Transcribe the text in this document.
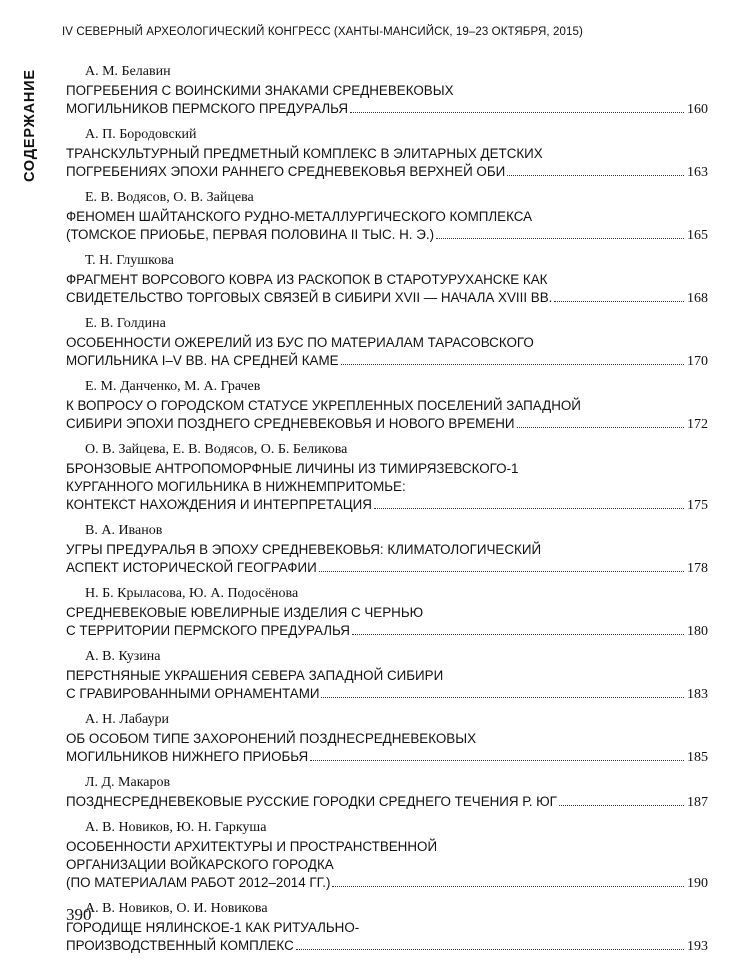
IV СЕВЕРНЫЙ АРХЕОЛОГИЧЕСКИЙ КОНГРЕСС (ХАНТЫ-МАНСИЙСК, 19–23 ОКТЯБРЯ, 2015)
СОДЕРЖАНИЕ	А. М. Белавин
ПОГРЕБЕНИЯ С ВОИНСКИМИ ЗНАКАМИ СРЕДНЕВЕКОВЫХ
МОГИЛЬНИКОВ ПЕРМСКОГО ПРЕДУРАЛЬЯ	160
А. П. Бородовский
ТРАНСКУЛЬТУРНЫЙ ПРЕДМЕТНЫЙ КОМПЛЕКС В ЭЛИТАРНЫХ ДЕТСКИХ
ПОГРЕБЕНИЯХ ЭПОХИ РАННЕГО СРЕДНЕВЕКОВЬЯ ВЕРХНЕЙ ОБИ	163
Е. В. Водясов, О. В. Зайцева
ФЕНОМЕН ШАЙТАНСКОГО РУДНО-МЕТАЛЛУРГИЧЕСКОГО КОМПЛЕКСА
(ТОМСКОЕ ПРИОБЬЕ, ПЕРВАЯ ПОЛОВИНА II ТЫС. Н. Э.)	165
Т. Н. Глушкова
ФРАГМЕНТ ВОРСОВОГО КОВРА ИЗ РАСКОПОК В СТАРОТУРУХАНСКЕ КАК
СВИДЕТЕЛЬСТВО ТОРГОВЫХ СВЯЗЕЙ В СИБИРИ XVII — НАЧАЛА XVIII ВВ.	168
Е. В. Голдина
ОСОБЕННОСТИ ОЖЕРЕЛИЙ ИЗ БУС ПО МАТЕРИАЛАМ ТАРАСОВСКОГО
МОГИЛЬНИКА I–V ВВ. НА СРЕДНЕЙ КАМЕ	170
Е. М. Данченко, М. А. Грачев
К ВОПРОСУ О ГОРОДСКОМ СТАТУСЕ УКРЕПЛЕННЫХ ПОСЕЛЕНИЙ ЗАПАДНОЙ
СИБИРИ ЭПОХИ ПОЗДНЕГО СРЕДНЕВЕКОВЬЯ И НОВОГО ВРЕМЕНИ	172
О. В. Зайцева, Е. В. Водясов, О. Б. Беликова
БРОНЗОВЫЕ АНТРОПОМОРФНЫЕ ЛИЧИНЫ ИЗ ТИМИРЯЗЕВСКОГО-1
КУРГАННОГО МОГИЛЬНИКА В НИЖНЕМПРИТОМЬЕ:
КОНТЕКСТ НАХОЖДЕНИЯ И ИНТЕРПРЕТАЦИЯ	175
В. А. Иванов
УГРЫ ПРЕДУРАЛЬЯ В ЭПОХУ СРЕДНЕВЕКОВЬЯ: КЛИМАТОЛОГИЧЕСКИЙ
АСПЕКТ ИСТОРИЧЕСКОЙ ГЕОГРАФИИ	178
Н. Б. Крыласова, Ю. А. Подосёнова
СРЕДНЕВЕКОВЫЕ ЮВЕЛИРНЫЕ ИЗДЕЛИЯ С ЧЕРНЬЮ
С ТЕРРИТОРИИ ПЕРМСКОГО ПРЕДУРАЛЬЯ	180
А. В. Кузина
ПЕРСТНЯНЫЕ УКРАШЕНИЯ СЕВЕРА ЗАПАДНОЙ СИБИРИ
С ГРАВИРОВАННЫМИ ОРНАМЕНТАМИ	183
А. Н. Лабаури
ОБ ОСОБОМ ТИПЕ ЗАХОРОНЕНИЙ ПОЗДНЕСРЕДНЕВЕКОВЫХ
МОГИЛЬНИКОВ НИЖНЕГО ПРИОБЬЯ	185
Л. Д. Макаров
ПОЗДНЕСРЕДНЕВЕКОВЫЕ РУССКИЕ ГОРОДКИ СРЕДНЕГО ТЕЧЕНИЯ Р. ЮГ	187
А. В. Новиков, Ю. Н. Гаркуша
ОСОБЕННОСТИ АРХИТЕКТУРЫ И ПРОСТРАНСТВЕННОЙ
ОРГАНИЗАЦИИ ВОЙКАРСКОГО ГОРОДКА
(ПО МАТЕРИАЛАМ РАБОТ 2012–2014 ГГ.)	190
А. В. Новиков, О. И. Новикова
ГОРОДИЩЕ НЯЛИНСКОЕ-1 КАК РИТУАЛЬНО-
ПРОИЗВОДСТВЕННЫЙ КОМПЛЕКС	193
390
